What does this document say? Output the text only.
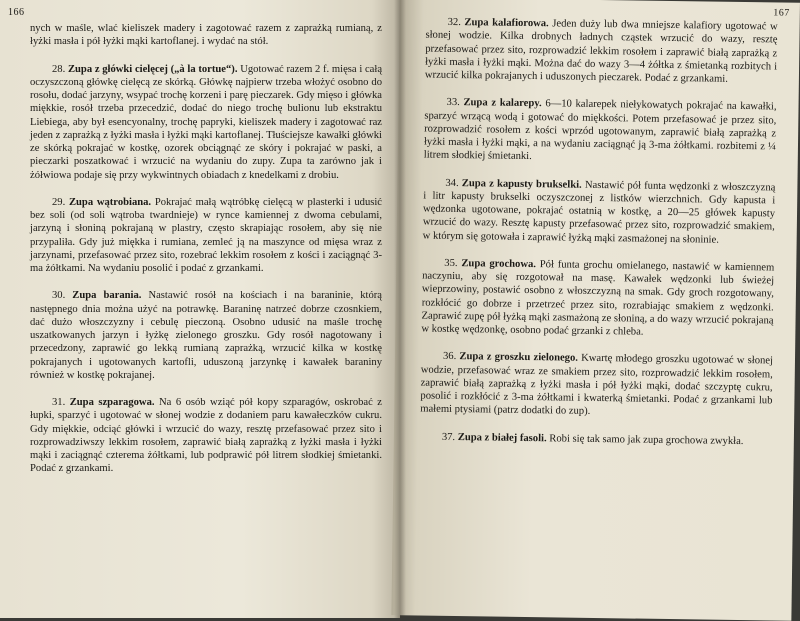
166

nych w maśle, wlać kieliszek madery i zagotować razem z zaprażką rumianą, z łyżki masła i pół łyżki mąki kartoflanej. i wydać na stół.

28. Zupa z główki cielęcej („à la tortue“). Ugotować razem 2 f. mięsa i całą oczyszczoną główkę cielęcą ze skórką. Główkę najpierw trzeba włożyć osobno do rosołu, dodać jarzyny, wsypać trochę korzeni i parę pieczarek. Gdy mięso i główka miękkie, rosół trzeba przecedzić, dodać do niego trochę bulionu lub ekstraktu Liebiega, aby był esencyonalny, trochę papryki, kieliszek madery i zagotować raz jeden z zaprażką z łyżki masła i łyżki mąki kartoflanej. Tłuściejsze kawałki główki ze skórką pokrajać w kostkę, ozorek obciągnąć ze skóry i pokrajać w paski, a pieczarki poszatkować i wrzucić na wydaniu do zupy. Zupa ta zarówno jak i żółwiowa podaje się przy wykwintnych obiadach z knedelkami z drobiu.

29. Zupa wątrobiana. Pokrajać małą wątróbkę cielęcą w plasterki i udusić bez soli (od soli wątroba twardnieje) w rynce kamiennej z dwoma cebulami, jarzyną i słoniną pokrajaną w plastry, często skrapiając rosołem, aby się nie przypaliła. Gdy już miękka i rumiana, zemleć ją na maszynce od mięsa wraz z jarzynami, przefasować przez sito, rozebrać lekkim rosołem z kości i zaciągnąć 3-ma żółtkami. Na wydaniu posolić i podać z grzankami.

30. Zupa barania. Nastawić rosół na kościach i na baraninie, którą następnego dnia można użyć na potrawkę. Baraninę natrzeć dobrze czosnkiem, dać dużo włoszczyzny i cebulę pieczoną. Osobno udusić na maśle trochę uszatkowanych jarzyn i łyżkę zielonego groszku. Gdy rosół nagotowany i przecedzony, zaprawić go lekką rumianą zaprażką, wrzucić kilka w kostkę pokrajanych i ugotowanych kartofli, uduszoną jarzynkę i kawałek baraniny również w kostkę pokrajanej.

31. Zupa szparagowa. Na 6 osób wziąć pół kopy szparagów, oskrobać z łupki, sparzyć i ugotować w słonej wodzie z dodaniem paru kawałeczków cukru. Gdy miękkie, odciąć główki i wrzucić do wazy, resztę przefasować przez sito i rozprowadziwszy lekkim rosołem, zaprawić białą zaprażką z łyżki masła i łyżki mąki i zaciągnąć czterema żółtkami, lub podprawić pół litrem słodkiej śmietanki. Podać z grzankami.

167

32. Zupa kalafiorowa. Jeden duży lub dwa mniejsze kalafiory ugotować w słonej wodzie. Kilka drobnych ładnych cząstek wrzucić do wazy, resztę przefasować przez sito, rozprowadzić lekkim rosołem i zaprawić białą zaprażką z łyżki masła i łyżki mąki. Można dać do wazy 3—4 żółtka z śmietanką rozbitych i wrzucić kilka pokrajanych i uduszonych pieczarek. Podać z grzankami.

33. Zupa z kalarepy. 6—10 kalarepek niełykowatych pokrajać na kawałki, sparzyć wrzącą wodą i gotować do miękkości. Potem przefasować je przez sito, rozprowadzić rosołem z kości wprzód ugotowanym, zaprawić białą zaprażką z łyżki masła i łyżki mąki, a na wydaniu zaciągnąć ją 3-ma żółtkami. rozbitemi z ¼ litrem słodkiej śmietanki.

34. Zupa z kapusty brukselki. Nastawić pół funta wędzonki z włoszczyzną i litr kapusty brukselki oczyszczonej z listków wierzchnich. Gdy kapusta i wędzonka ugotowane, pokrajać ostatnią w kostkę, a 20—25 główek kapusty wrzucić do wazy. Resztę kapusty przefasować przez sito, rozprowadzić smakiem, w którym się gotowała i zaprawić łyżką mąki zasmażonej na słoninie.

35. Zupa grochowa. Pół funta grochu omielanego, nastawić w kamiennem naczyniu, aby się rozgotował na masę. Kawałek wędzonki lub świeżej wieprzowiny, postawić osobno z włoszczyzną na smak. Gdy groch rozgotowany, rozkłócić go dobrze i przetrzeć przez sito, rozrabiając smakiem z wędzonki. Zaprawić zupę pół łyżką mąki zasmażoną ze słoniną, a do wazy wrzucić pokrajaną w kostkę wędzonkę, osobno podać grzanki z chleba.

36. Zupa z groszku zielonego. Kwartę młodego groszku ugotować w słonej wodzie, przefasować wraz ze smakiem przez sito, rozprowadzić lekkim rosołem, zaprawić białą zaprażką z łyżki masła i pół łyżki mąki, dodać szczyptę cukru, posolić i rozkłócić z 3-ma żółtkami i kwaterką śmietanki. Podać z grzankami lub małemi ptysiami (patrz dodatki do zup).

37. Zupa z białej fasoli. Robi się tak samo jak zupa grochowa zwykła.
